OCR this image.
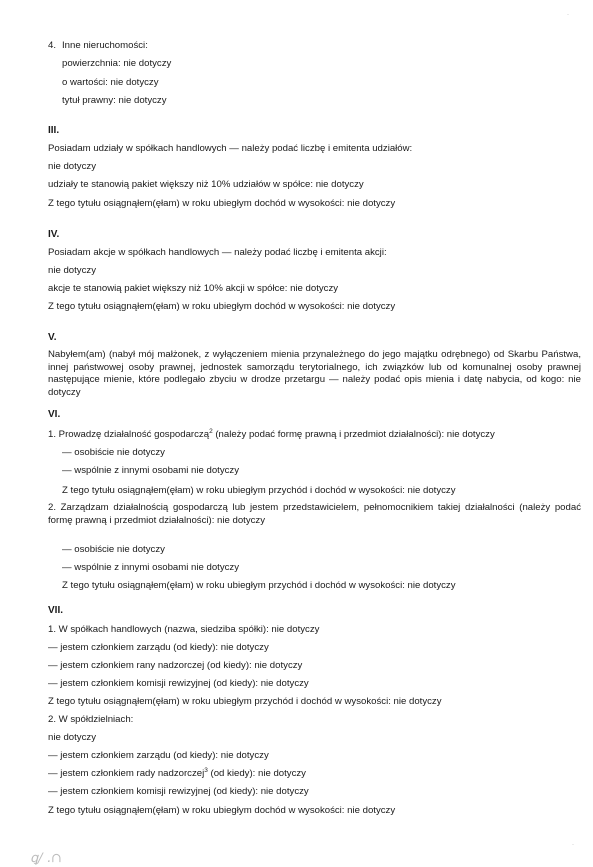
4. Inne nieruchomości:
powierzchnia: nie dotyczy
o wartości: nie dotyczy
tytuł prawny: nie dotyczy
III.
Posiadam udziały w spółkach handlowych — należy podać liczbę i emitenta udziałów:
nie dotyczy
udziały te stanowią pakiet większy niż 10% udziałów w spółce: nie dotyczy
Z tego tytułu osiągnąłem(ęłam) w roku ubiegłym dochód w wysokości: nie dotyczy
IV.
Posiadam akcje w spółkach handlowych — należy podać liczbę i emitenta akcji:
nie dotyczy
akcje te stanowią pakiet większy niż 10% akcji w spółce: nie dotyczy
Z tego tytułu osiągnąłem(ęłam) w roku ubiegłym dochód w wysokości: nie dotyczy
V.
Nabyłem(am) (nabył mój małżonek, z wyłączeniem mienia przynależnego do jego majątku odrębnego) od Skarbu Państwa, innej państwowej osoby prawnej, jednostek samorządu terytorialnego, ich związków lub od komunalnej osoby prawnej następujące mienie, które podlegało zbyciu w drodze przetargu — należy podać opis mienia i datę nabycia, od kogo: nie dotyczy
VI.
1. Prowadzę działalność gospodarczą$^2$ (należy podać formę prawną i przedmiot działalności): nie dotyczy
— osobiście nie dotyczy
— wspólnie z innymi osobami nie dotyczy
Z tego tytułu osiągnąłem(ęłam) w roku ubiegłym przychód i dochód w wysokości: nie dotyczy
2. Zarządzam działalnością gospodarczą lub jestem przedstawicielem, pełnomocnikiem takiej działalności (należy podać formę prawną i przedmiot działalności): nie dotyczy
— osobiście nie dotyczy
— wspólnie z innymi osobami nie dotyczy
Z tego tytułu osiągnąłem(ęłam) w roku ubiegłym przychód i dochód w wysokości: nie dotyczy
VII.
1. W spółkach handlowych (nazwa, siedziba spółki): nie dotyczy
— jestem członkiem zarządu (od kiedy): nie dotyczy
— jestem członkiem rany nadzorczej (od kiedy): nie dotyczy
— jestem członkiem komisji rewizyjnej (od kiedy): nie dotyczy
Z tego tytułu osiągnąłem(ęłam) w roku ubiegłym przychód i dochód w wysokości: nie dotyczy
2. W spółdzielniach:
nie dotyczy
— jestem członkiem zarządu (od kiedy): nie dotyczy
— jestem członkiem rady nadzorczej$^3$ (od kiedy): nie dotyczy
— jestem członkiem komisji rewizyjnej (od kiedy): nie dotyczy
Z tego tytułu osiągnąłem(ęłam) w roku ubiegłym dochód w wysokości: nie dotyczy
·
·
ꝗ/ .∩
